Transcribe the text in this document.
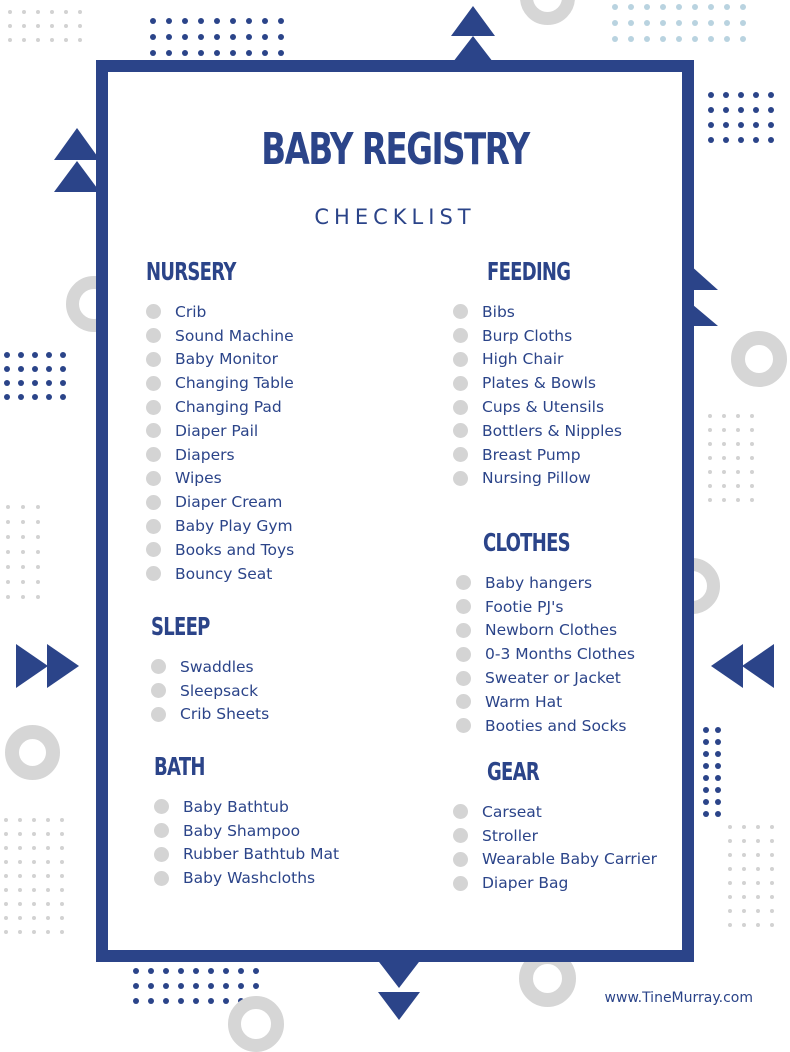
BABY REGISTRY
CHECKLIST
NURSERY
Crib
Sound Machine
Baby Monitor
Changing Table
Changing Pad
Diaper Pail
Diapers
Wipes
Diaper Cream
Baby Play Gym
Books and Toys
Bouncy Seat
SLEEP
Swaddles
Sleepsack
Crib Sheets
BATH
Baby Bathtub
Baby Shampoo
Rubber Bathtub Mat
Baby Washcloths
FEEDING
Bibs
Burp Cloths
High Chair
Plates & Bowls
Cups & Utensils
Bottlers & Nipples
Breast Pump
Nursing Pillow
CLOTHES
Baby hangers
Footie PJ's
Newborn Clothes
0-3 Months Clothes
Sweater or Jacket
Warm Hat
Booties and Socks
GEAR
Carseat
Stroller
Wearable Baby Carrier
Diaper Bag
www.TineMurray.com
